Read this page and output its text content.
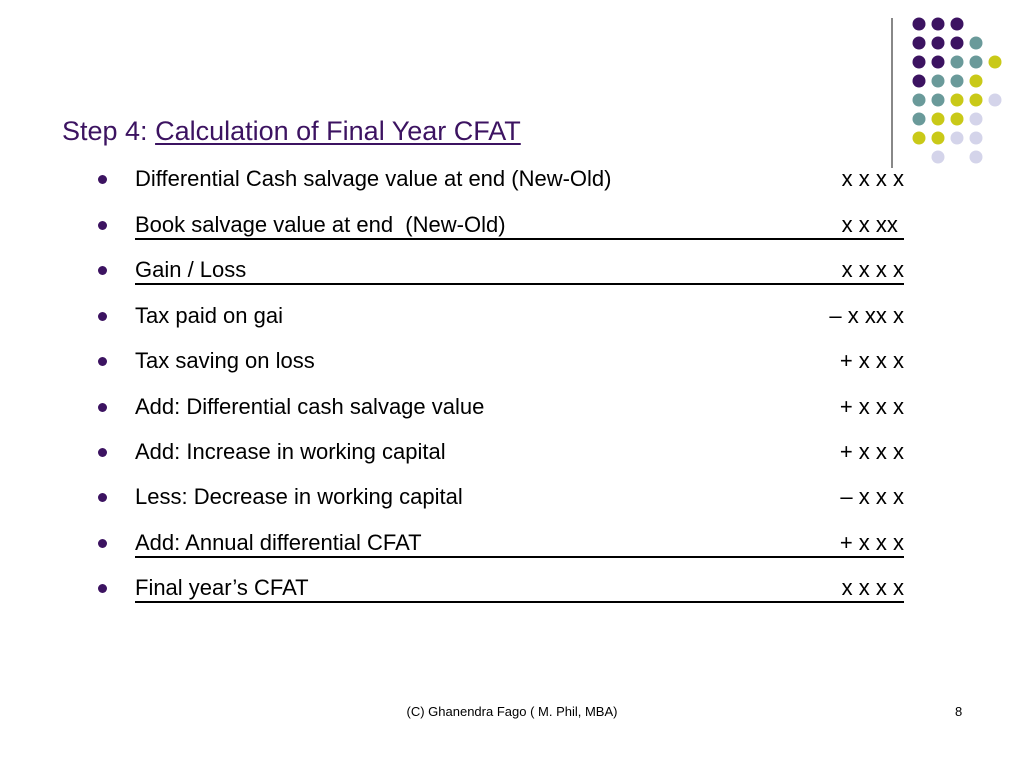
Step 4: Calculation of Final Year CFAT
Differential Cash salvage value at end (New-Old)	x x x x
Book salvage value at end  (New-Old)	x x xx
Gain / Loss	x x x x
Tax paid on gai	– x xx x
Tax saving on loss	+ x x x
Add: Differential cash salvage value	+ x x x
Add: Increase in working capital	+ x x x
Less: Decrease in working capital	– x x x
Add: Annual differential CFAT	+ x x x
Final year’s CFAT	x x x x
(C) Ghanendra Fago ( M. Phil, MBA)	8
